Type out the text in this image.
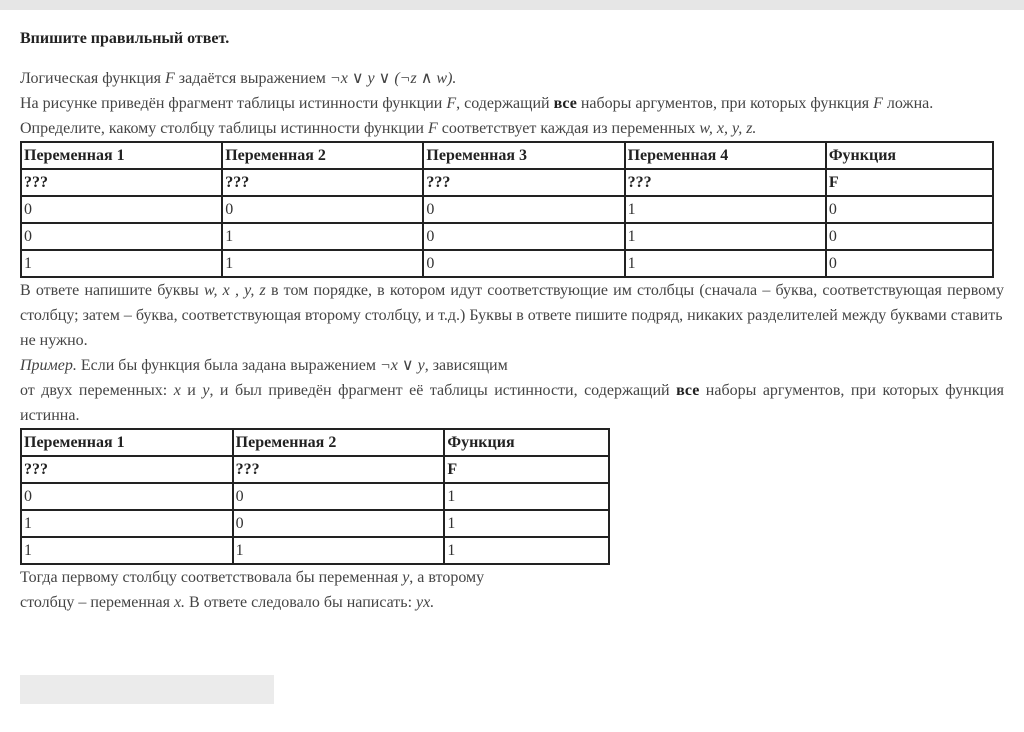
Впишите правильный ответ.

Логическая функция F задаётся выражением ¬x ∨ y ∨ (¬z ∧ w).

На рисунке приведён фрагмент таблицы истинности функции F, содержащий все наборы аргументов, при которых функция F ложна.

Определите, какому столбцу таблицы истинности функции F соответствует каждая из переменных w, x, y, z.

Переменная 1	Переменная 2	Переменная 3	Переменная 4	Функция
???	???	???	???	F
0	0	0	1	0
0	1	0	1	0
1	1	0	1	0

В ответе напишите буквы w, x , y, z в том порядке, в котором идут соответствующие им столбцы (сначала – буква, соответствующая первому столбцу; затем – буква, соответствующая второму столбцу, и т.д.) Буквы в ответе пишите подряд, никаких разделителей между буквами ставить

не нужно.

Пример. Если бы функция была задана выражением ¬x ∨ y, зависящим

от двух переменных: x и y, и был приведён фрагмент её таблицы истинности, содержащий все наборы аргументов, при которых функция истинна.

Переменная 1	Переменная 2	Функция
???	???	F
0	0	1
1	0	1
1	1	1

Тогда первому столбцу соответствовала бы переменная y, а второму

столбцу – переменная x. В ответе следовало бы написать: yx.
